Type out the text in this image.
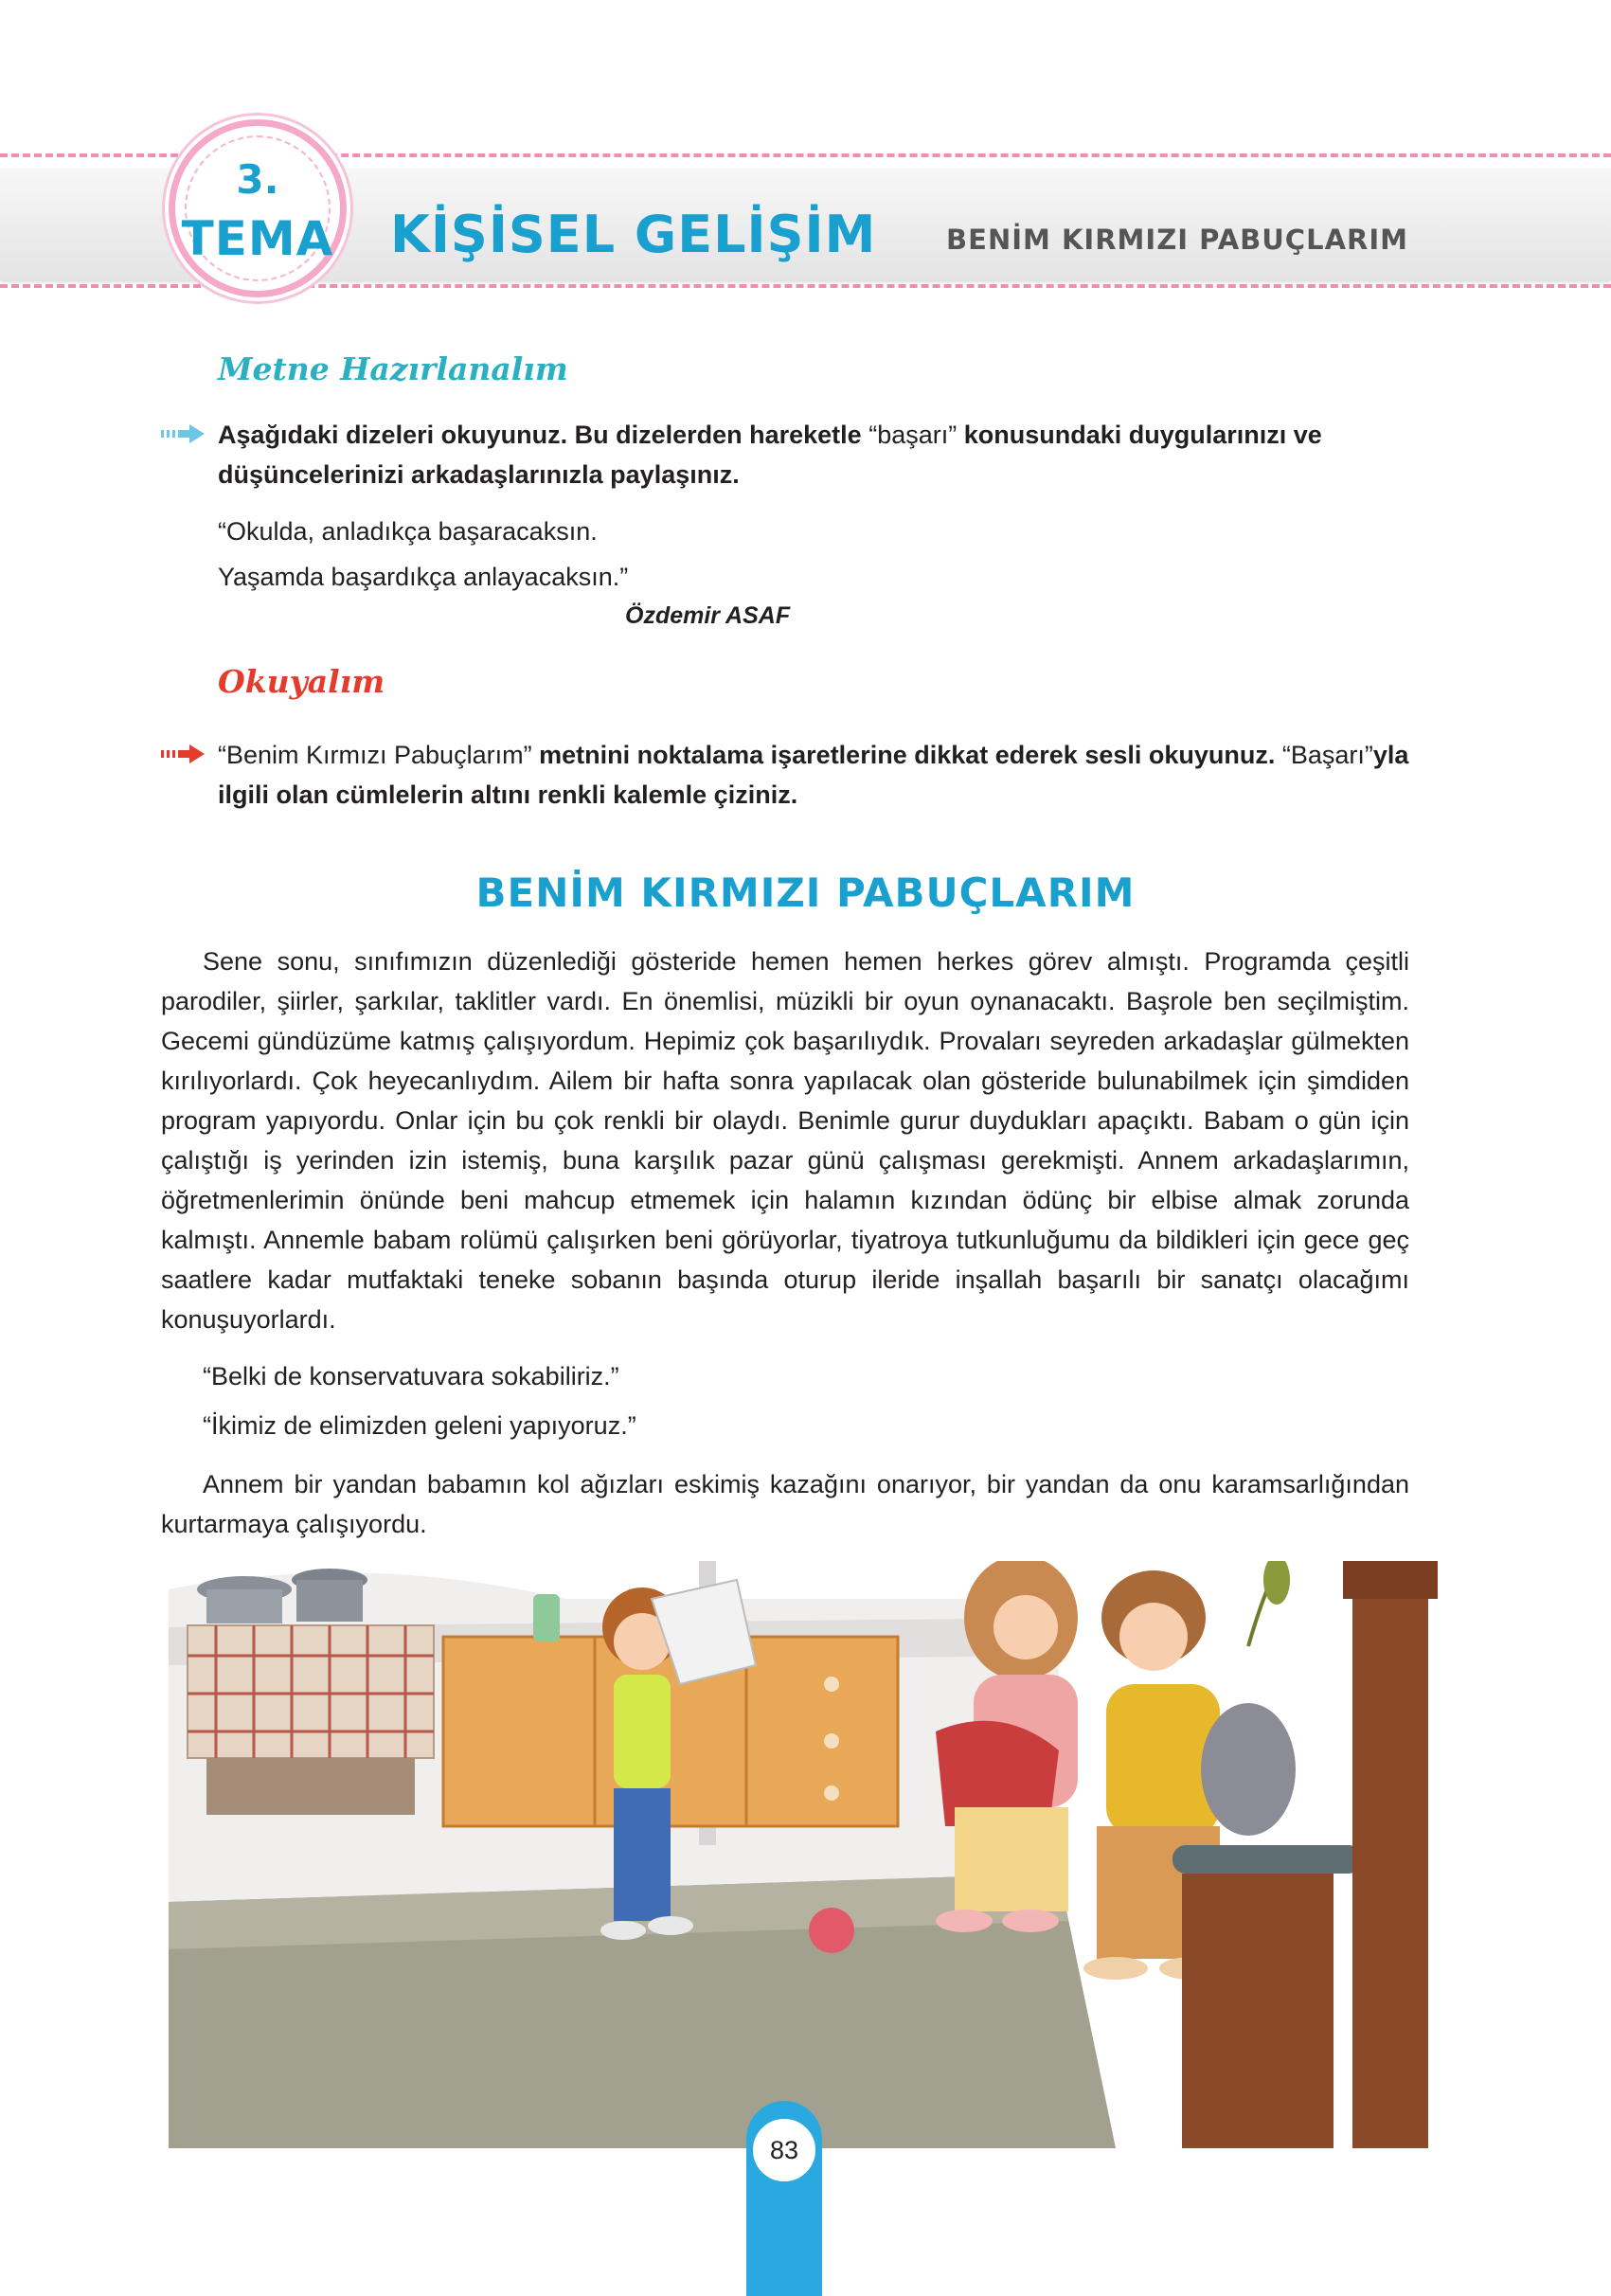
3.
TEMA KİŞİSEL GELİŞİM	BENİM KIRMIZI PABUÇLARIM
Metne Hazırlanalım
Aşağıdaki dizeleri okuyunuz. Bu dizelerden hareketle “başarı” konusundaki duygularınızı ve düşüncelerinizi arkadaşlarınızla paylaşınız.
“Okulda, anladıkça başaracaksın.
Yaşamda başardıkça anlayacaksın.”
Özdemir ASAF
Okuyalım
“Benim Kırmızı Pabuçlarım” metnini noktalama işaretlerine dikkat ederek sesli okuyunuz. “Başarı”yla ilgili olan cümlelerin altını renkli kalemle çiziniz.
BENİM KIRMIZI PABUÇLARIM

Sene sonu, sınıfımızın düzenlediği gösteride hemen hemen herkes görev almıştı. Programda çeşitli parodiler, şiirler, şarkılar, taklitler vardı. En önemlisi, müzikli bir oyun oynanacaktı. Başrole ben seçilmiştim. Gecemi gündüzüme katmış çalışıyordum. Hepimiz çok başarılıydık. Provaları seyreden arkadaşlar gülmekten kırılıyorlardı. Çok heyecanlıydım. Ailem bir hafta sonra yapılacak olan gösteride bulunabilmek için şimdiden program yapıyordu. Onlar için bu çok renkli bir olaydı. Benimle gurur duydukları apaçıktı. Babam o gün için çalıştığı iş yerinden izin istemiş, buna karşılık pazar günü çalışması gerekmişti. Annem arkadaşlarımın, öğretmenlerimin önünde beni mahcup etmemek için halamın kızından ödünç bir elbise almak zorunda kalmıştı. Annemle babam rolümü çalışırken beni görüyorlar, tiyatroya tutkunluğumu da bildikleri için gece geç saatlere kadar mutfaktaki teneke sobanın başında oturup ileride inşallah başarılı bir sanatçı olacağımı konuşuyorlardı.

“Belki de konservatuvara sokabiliriz.”

“İkimiz de elimizden geleni yapıyoruz.”

Annem bir yandan babamın kol ağızları eskimiş kazağını onarıyor, bir yandan da onu karamsarlığından kurtarmaya çalışıyordu.

83
